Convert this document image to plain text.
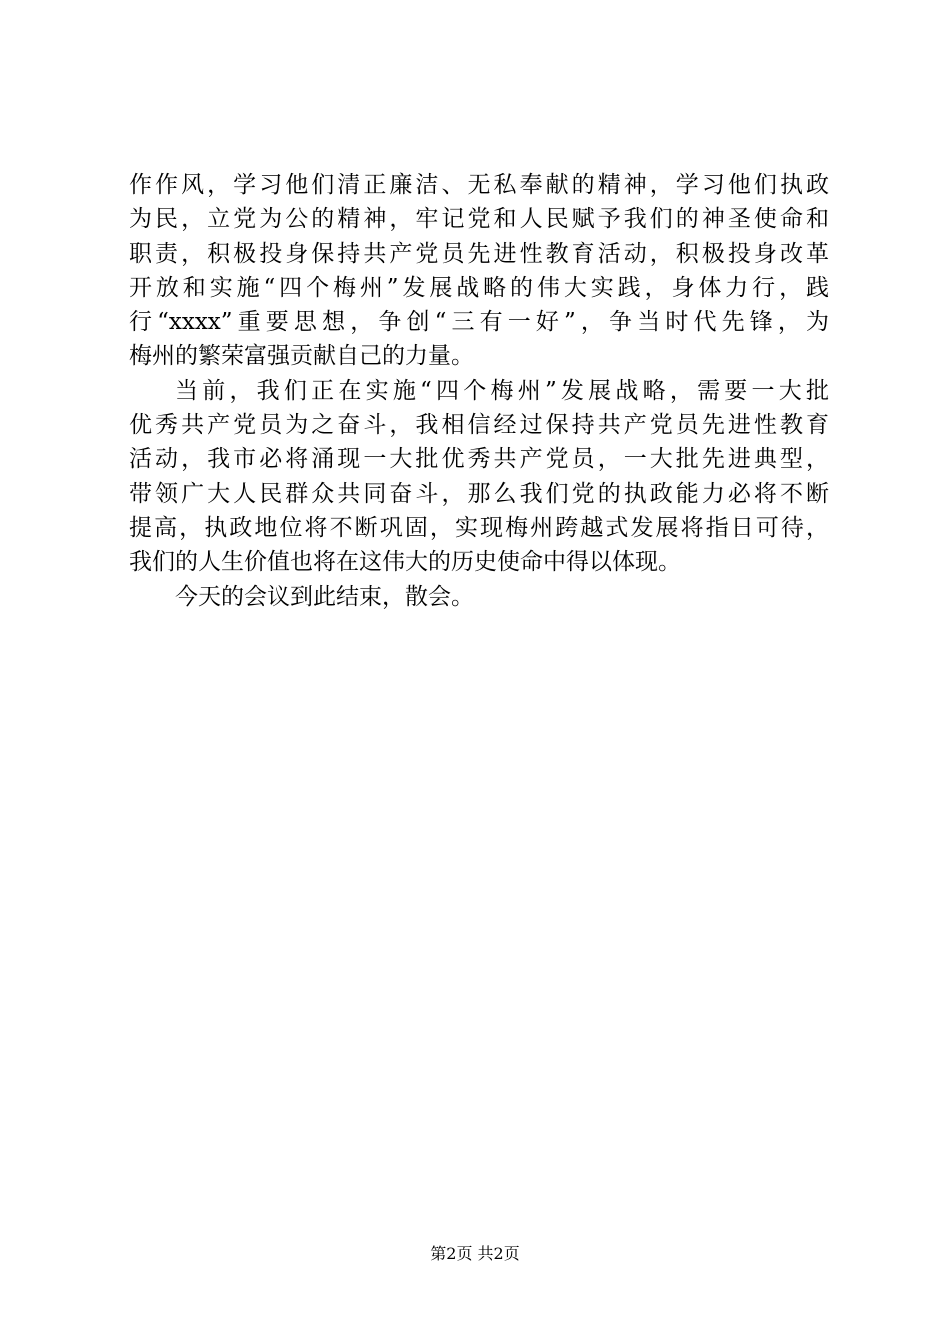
作作风，学习他们清正廉洁、无私奉献的精神，学习他们执政
为民，立党为公的精神，牢记党和人民赋予我们的神圣使命和
职责，积极投身保持共产党员先进性教育活动，积极投身改革
开放和实施“四个梅州”发展战略的伟大实践，身体力行，践
行“xxxx”重要思想，争创“三有一好”，争当时代先锋，为
梅州的繁荣富强贡献自己的力量。
当前，我们正在实施“四个梅州”发展战略，需要一大批
优秀共产党员为之奋斗，我相信经过保持共产党员先进性教育
活动，我市必将涌现一大批优秀共产党员，一大批先进典型，
带领广大人民群众共同奋斗，那么我们党的执政能力必将不断
提高，执政地位将不断巩固，实现梅州跨越式发展将指日可待，
我们的人生价值也将在这伟大的历史使命中得以体现。
今天的会议到此结束，散会。
第2页 共2页
